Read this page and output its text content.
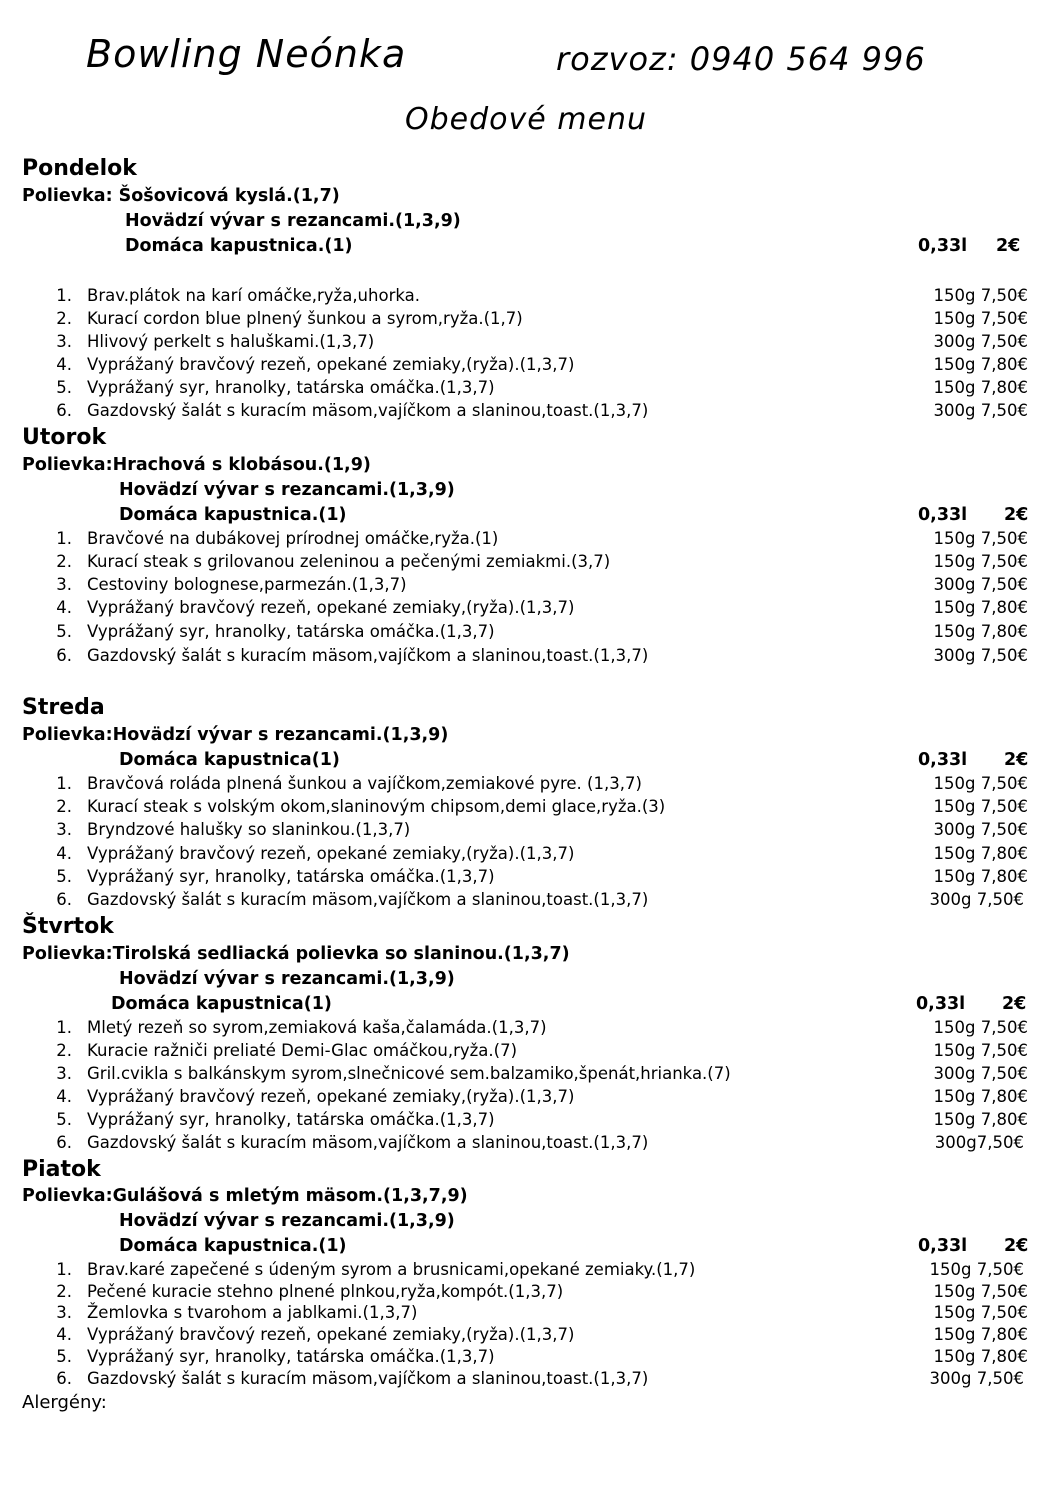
Bowling Neónka	rozvoz: 0940 564 996
Obedové menu
Pondelok
Polievka: Šošovicová kyslá.(1,7)
Hovädzí vývar s rezancami.(1,3,9)
Domáca kapustnica.(1)	0,33l 2€
1. Brav.plátok na karí omáčke,ryža,uhorka.	150g 7,50€
2. Kurací cordon blue plnený šunkou a syrom,ryža.(1,7)	150g 7,50€
3. Hlivový perkelt s haluškami.(1,3,7)	300g 7,50€
4. Vyprážaný bravčový rezeň, opekané zemiaky,(ryža).(1,3,7)	150g 7,80€
5. Vyprážaný syr, hranolky, tatárska omáčka.(1,3,7)	150g 7,80€
6. Gazdovský šalát s kuracím mäsom,vajíčkom a slaninou,toast.(1,3,7)	300g 7,50€
Utorok
Polievka:Hrachová s klobásou.(1,9)
Hovädzí vývar s rezancami.(1,3,9)
Domáca kapustnica.(1)	0,33l 2€
1. Bravčové na dubákovej prírodnej omáčke,ryža.(1)	150g 7,50€
2. Kurací steak s grilovanou zeleninou a pečenými zemiakmi.(3,7)	150g 7,50€
3. Cestoviny bolognese,parmezán.(1,3,7)	300g 7,50€
4. Vyprážaný bravčový rezeň, opekané zemiaky,(ryža).(1,3,7)	150g 7,80€
5. Vyprážaný syr, hranolky, tatárska omáčka.(1,3,7)	150g 7,80€
6. Gazdovský šalát s kuracím mäsom,vajíčkom a slaninou,toast.(1,3,7)	300g 7,50€
Streda
Polievka:Hovädzí vývar s rezancami.(1,3,9)
Domáca kapustnica(1)	0,33l 2€
1. Bravčová roláda plnená šunkou a vajíčkom,zemiakové pyre. (1,3,7)	150g 7,50€
2. Kurací steak s volským okom,slaninovým chipsom,demi glace,ryža.(3)	150g 7,50€
3. Bryndzové halušky so slaninkou.(1,3,7)	300g 7,50€
4. Vyprážaný bravčový rezeň, opekané zemiaky,(ryža).(1,3,7)	150g 7,80€
5. Vyprážaný syr, hranolky, tatárska omáčka.(1,3,7)	150g 7,80€
6. Gazdovský šalát s kuracím mäsom,vajíčkom a slaninou,toast.(1,3,7)	300g 7,50€
Štvrtok
Polievka:Tirolská sedliacká polievka so slaninou.(1,3,7)
Hovädzí vývar s rezancami.(1,3,9)
Domáca kapustnica(1)	0,33l 2€
1. Mletý rezeň so syrom,zemiaková kaša,čalamáda.(1,3,7)	150g 7,50€
2. Kuracie ražniči preliaté Demi-Glac omáčkou,ryža.(7)	150g 7,50€
3. Gril.cvikla s balkánskym syrom,slnečnicové sem.balzamiko,špenát,hrianka.(7)	300g 7,50€
4. Vyprážaný bravčový rezeň, opekané zemiaky,(ryža).(1,3,7)	150g 7,80€
5. Vyprážaný syr, hranolky, tatárska omáčka.(1,3,7)	150g 7,80€
6. Gazdovský šalát s kuracím mäsom,vajíčkom a slaninou,toast.(1,3,7)	300g7,50€
Piatok
Polievka:Gulášová s mletým mäsom.(1,3,7,9)
Hovädzí vývar s rezancami.(1,3,9)
Domáca kapustnica.(1)	0,33l 2€
1. Brav.karé zapečené s údeným syrom a brusnicami,opekané zemiaky.(1,7)	150g 7,50€
2. Pečené kuracie stehno plnené plnkou,ryža,kompót.(1,3,7)	150g 7,50€
3. Žemlovka s tvarohom a jablkami.(1,3,7)	150g 7,50€
4. Vyprážaný bravčový rezeň, opekané zemiaky,(ryža).(1,3,7)	150g 7,80€
5. Vyprážaný syr, hranolky, tatárska omáčka.(1,3,7)	150g 7,80€
6. Gazdovský šalát s kuracím mäsom,vajíčkom a slaninou,toast.(1,3,7)	300g 7,50€
Alergény:
